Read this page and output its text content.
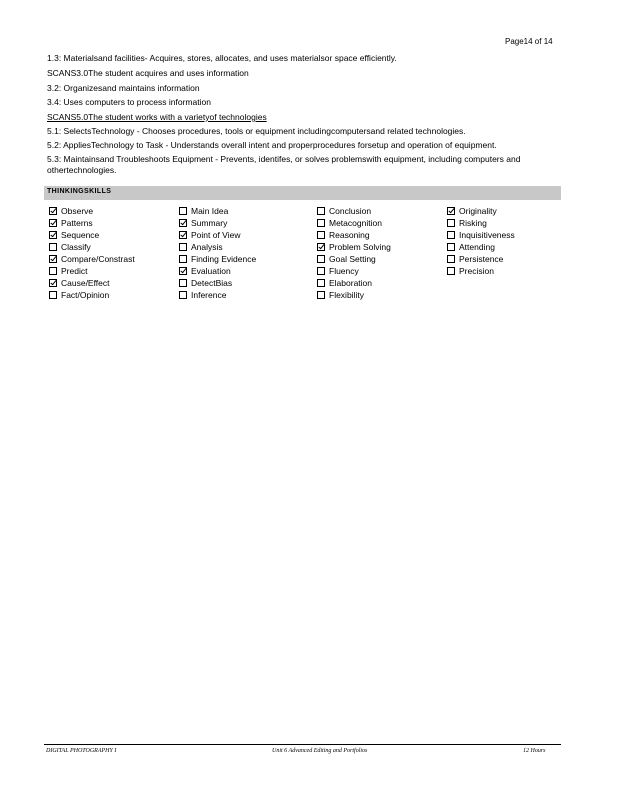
Page14 of 14
1.3: Materialsand facilities- Acquires, stores, allocates, and uses materialsor space efficiently.
SCANS3.0The student acquires and uses information
3.2: Organizesand maintains information
3.4: Uses computers to process information
SCANS5.0The student works with a varietyof technologies
5.1: SelectsTechnology - Chooses procedures, tools or equipment includingcomputersand related technologies.
5.2: AppliesTechnology to Task - Understands overall intent and properprocedures forsetup and operation of equipment.
5.3: Maintainsand Troubleshoots Equipment - Prevents, identifes, or solves problemswith equipment, including computers and othertechnologies.
THINKINGSKILLS
Observe
Patterns
Sequence
Classify
Compare/Constrast
Predict
Cause/Effect
Fact/Opinion
Main Idea
Summary
Point of View
Analysis
Finding Evidence
Evaluation
DetectBias
Inference
Conclusion
Metacognition
Reasoning
Problem Solving
Goal Setting
Fluency
Elaboration
Flexibility
Originality
Risking
Inquisitiveness
Attending
Persistence
Precision
DIGITAL PHOTOGRAPHY I	Unit 6 Advanced Editing and Portfolios	12 Hours
